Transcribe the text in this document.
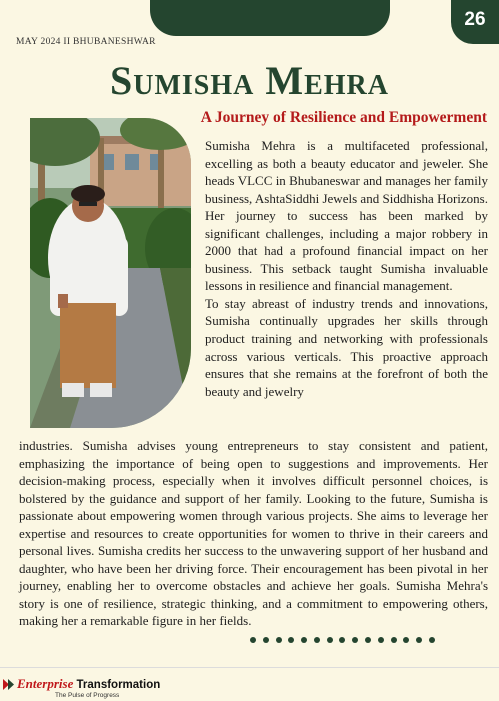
26
MAY 2024 II BHUBANESHWAR
Sumisha Mehra
A Journey of Resilience and Empowerment
Sumisha Mehra is a multifaceted professional, excelling as both a beauty educator and jeweler. She heads VLCC in Bhubaneswar and manages her family business, AshtaSiddhi Jewels and Siddhisha Horizons. Her journey to success has been marked by significant challenges, including a major robbery in 2000 that had a profound financial impact on her business. This setback taught Sumisha invaluable lessons in resilience and financial management.
To stay abreast of industry trends and innovations, Sumisha continually upgrades her skills through product training and networking with professionals across various verticals. This proactive approach ensures that she remains at the forefront of both the beauty and jewelry
industries. Sumisha advises young entrepreneurs to stay consistent and patient, emphasizing the importance of being open to suggestions and improvements. Her decision-making process, especially when it involves difficult personnel choices, is bolstered by the guidance and support of her family. Looking to the future, Sumisha is passionate about empowering women through various projects. She aims to leverage her expertise and resources to create opportunities for women to thrive in their careers and personal lives. Sumisha credits her success to the unwavering support of her husband and daughter, who have been her driving force. Their encouragement has been pivotal in her journey, enabling her to overcome obstacles and achieve her goals. Sumisha Mehra's story is one of resilience, strategic thinking, and a commitment to empowering others, making her a remarkable figure in her fields.
Enterprise Transformation
The Pulse of Progress
